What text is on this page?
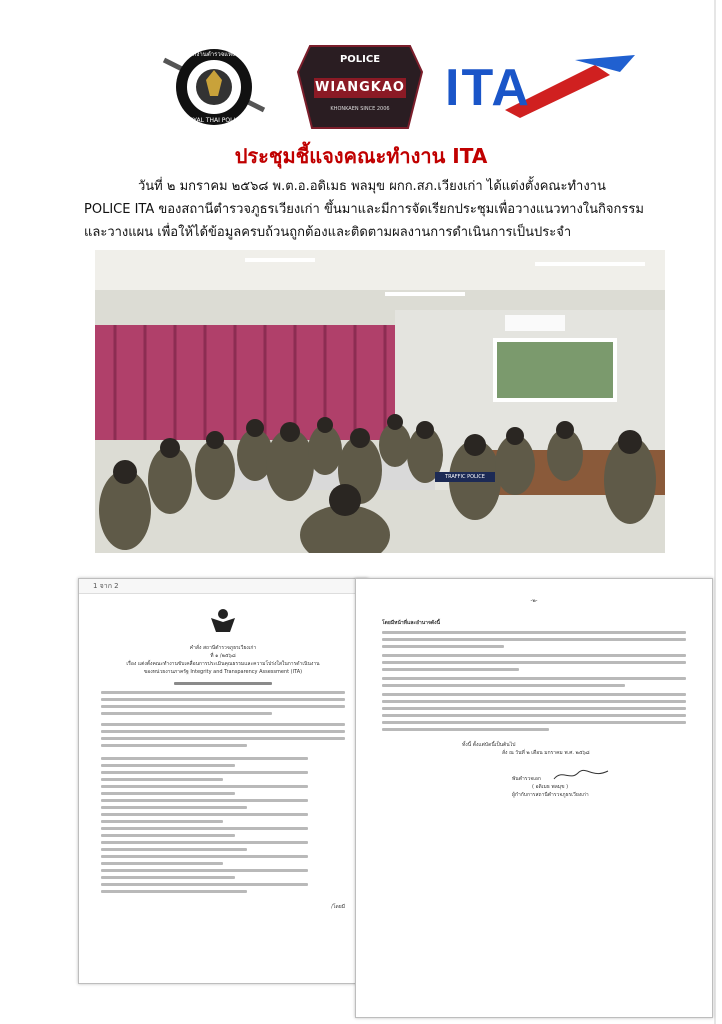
สำนักงานตำรวจแห่งชาติ
ROYAL THAI POLICE
POLICE
WIANGKAO
KHONKAEN SINCE 2006	ITA
ประชุมชี้แจงคณะทำงาน ITA
วันที่ ๒ มกราคม ๒๕๖๘ พ.ต.อ.อดิเมธ พลมุข ผกก.สภ.เวียงเก่า ได้แต่งตั้งคณะทำงาน POLICE ITA ของสถานีตำรวจภูธรเวียงเก่า ขึ้นมาและมีการจัดเรียกประชุมเพื่อวางแนวทางในกิจกรรม และวางแผน เพื่อให้ได้ข้อมูลครบถ้วนถูกต้องและติดตามผลงานการดำเนินการเป็นประจำ
TRAFFIC POLICE
1 จาก 2
คำสั่ง สถานีตำรวจภูธรเวียงเก่า
ที่ ๑ /๒๕๖๘
เรื่อง แต่งตั้งคณะทำงานขับเคลื่อนการประเมินคุณธรรมและความโปร่งใสในการดำเนินงาน
ของหน่วยงานภาครัฐ Integrity and Transparency Assessment (ITA)
/โดยมี
-๒-
โดยมีหน้าที่และอำนาจดังนี้
ทั้งนี้ ตั้งแต่บัดนี้เป็นต้นไป
สั่ง ณ วันที่ ๒ เดือน มกราคม พ.ศ. ๒๕๖๘
พันตำรวจเอก
( อดิเมธ พลมุข )
ผู้กำกับการสถานีตำรวจภูธรเวียงเก่า
